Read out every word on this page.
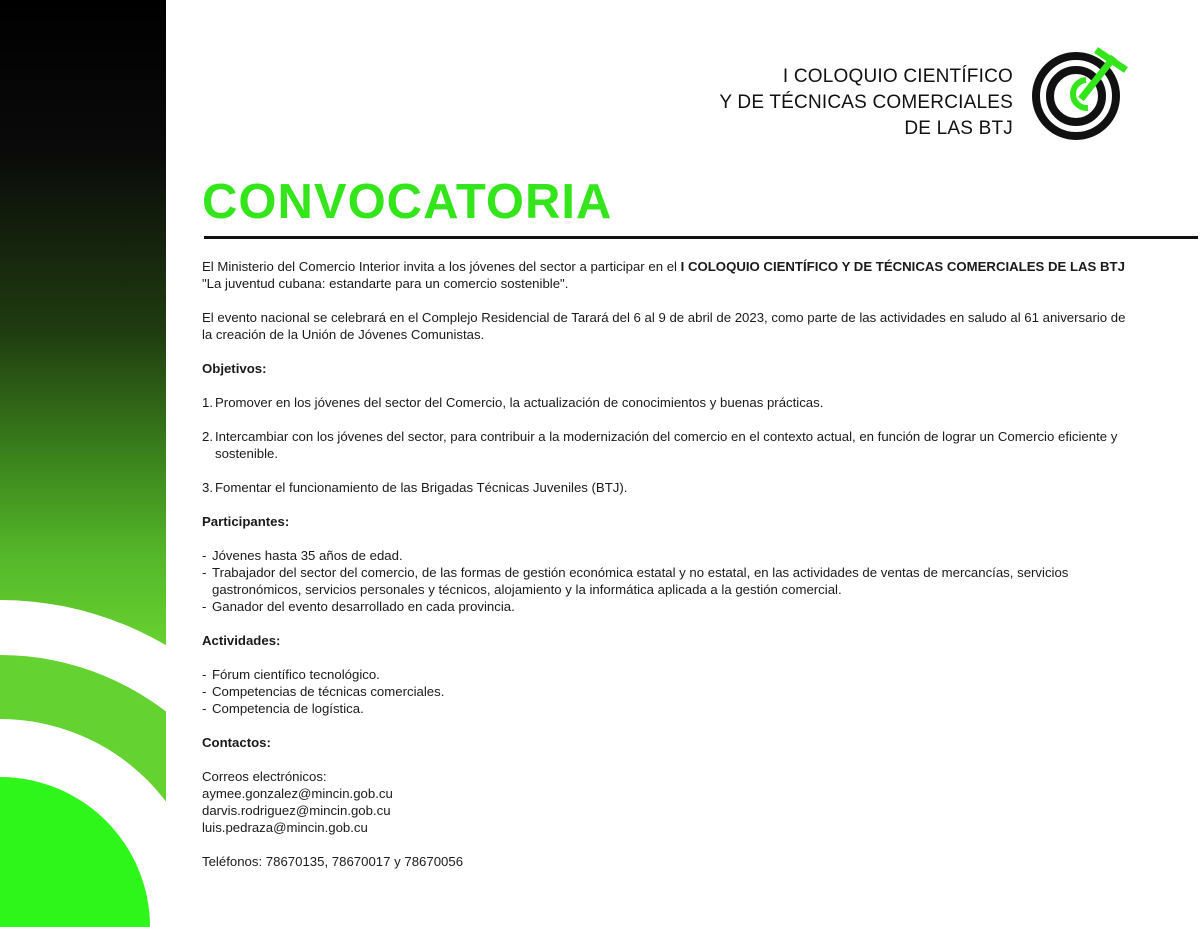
I COLOQUIO CIENTÍFICO
Y DE TÉCNICAS COMERCIALES
DE LAS BTJ
CONVOCATORIA

El Ministerio del Comercio Interior invita a los jóvenes del sector a participar en el I COLOQUIO CIENTÍFICO Y DE TÉCNICAS COMERCIALES DE LAS BTJ "La juventud cubana: estandarte para un comercio sostenible".

El evento nacional se celebrará en el Complejo Residencial de Tarará del 6 al 9 de abril de 2023, como parte de las actividades en saludo al 61 aniversario de la creación de la Unión de Jóvenes Comunistas.

Objetivos:
1. Promover en los jóvenes del sector del Comercio, la actualización de conocimientos y buenas prácticas.
2. Intercambiar con los jóvenes del sector, para contribuir a la modernización del comercio en el contexto actual, en función de lograr un Comercio eficiente y sostenible.
3. Fomentar el funcionamiento de las Brigadas Técnicas Juveniles (BTJ).
Participantes:
- Jóvenes hasta 35 años de edad.
- Trabajador del sector del comercio, de las formas de gestión económica estatal y no estatal, en las actividades de ventas de mercancías, servicios gastronómicos, servicios personales y técnicos, alojamiento y la informática aplicada a la gestión comercial.
- Ganador del evento desarrollado en cada provincia.
Actividades:
- Fórum científico tecnológico.
- Competencias de técnicas comerciales.
- Competencia de logística.
Contactos:
Correos electrónicos:
aymee.gonzalez@mincin.gob.cu
darvis.rodriguez@mincin.gob.cu
luis.pedraza@mincin.gob.cu
Teléfonos: 78670135, 78670017 y 78670056
